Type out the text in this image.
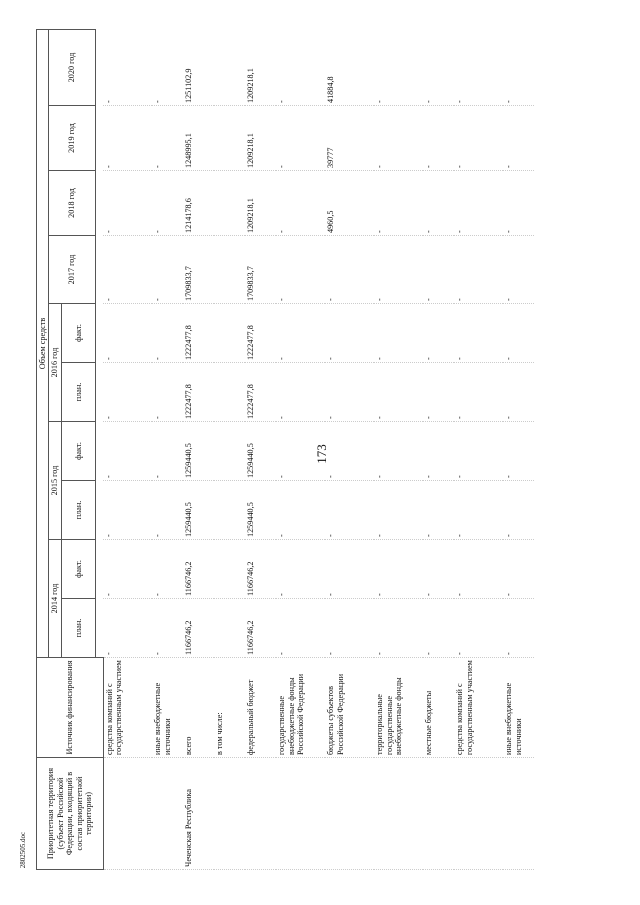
173
2802505.doc Приоритетная территория (субъект Российской Федерации, входящий в состав приоритетной территории)	Источник финансирования	Объем средств									
		2014 год		2015 год		2016 год		2017 год	2018 год	2019 год	2020 год
		план.	факт.	план.	факт.	план.	факт.				

	средства компаний с государственным участием	-	-	-	-	-	-	-	-	-	-
	иные внебюджетные источники	-	-	-	-	-	-	-	-	-	-
Чеченская Республика	всего	1166746,2	1166746,2	1259440,5	1259440,5	1222477,8	1222477,8	1709833,7	1214178,6	1248995,1	1251102,9
	в том числе:										
	федеральный бюджет	1166746,2	1166746,2	1259440,5	1259440,5	1222477,8	1222477,8	1709833,7	1209218,1	1209218,1	1209218,1
	государственные внебюджетные фонды Российской Федерации	-	-	-	-	-	-	-	-	-	-
	бюджеты субъектов Российской Федерации	-	-	-	-	-	-	-	4960,5	39777	41884,8
	территориальные государственные внебюджетные фонды	-	-	-	-	-	-	-	-	-	-
	местные бюджеты	-	-	-	-	-	-	-	-	-	-
	средства компаний с государственным участием	-	-	-	-	-	-	-	-	-	-
	иные внебюджетные источники	-	-	-	-	-	-	-	-	-	-
